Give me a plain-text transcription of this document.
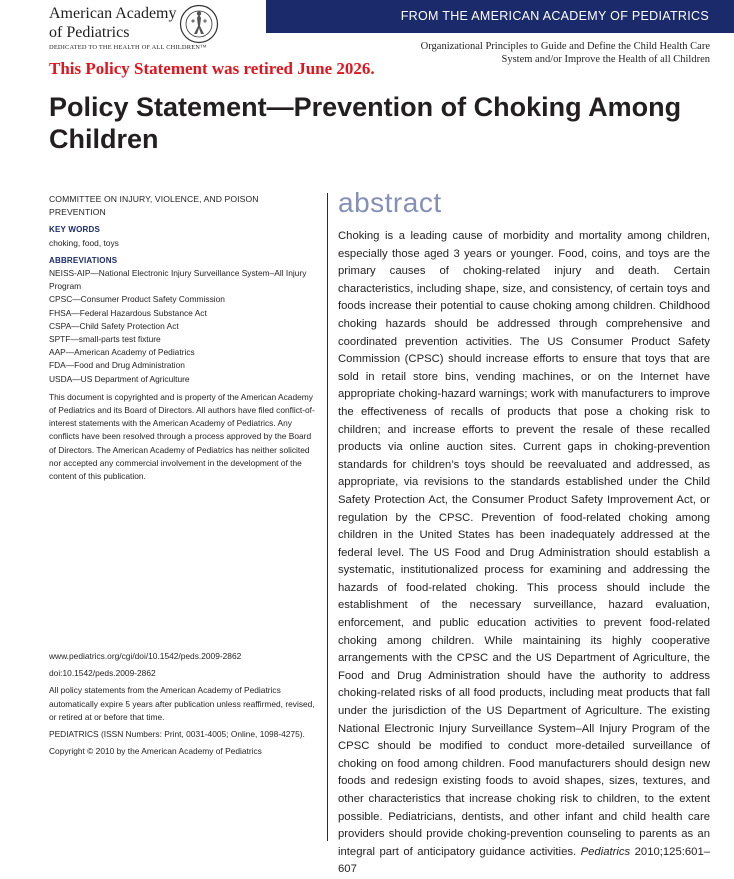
American Academy
of Pediatrics
DEDICATED TO THE HEALTH OF ALL CHILDREN™
FROM THE AMERICAN ACADEMY OF PEDIATRICS
Organizational Principles to Guide and Define the Child Health Care System and/or Improve the Health of all Children
This Policy Statement was retired June 2026.
Policy Statement—Prevention of Choking Among Children
COMMITTEE ON INJURY, VIOLENCE, AND POISON PREVENTION
KEY WORDS
choking, food, toys
ABBREVIATIONS
NEISS-AIP—National Electronic Injury Surveillance System–All Injury Program
CPSC—Consumer Product Safety Commission
FHSA—Federal Hazardous Substance Act
CSPA—Child Safety Protection Act
SPTF—small-parts test fixture
AAP—American Academy of Pediatrics
FDA—Food and Drug Administration
USDA—US Department of Agriculture
This document is copyrighted and is property of the American Academy of Pediatrics and its Board of Directors. All authors have filed conflict-of-interest statements with the American Academy of Pediatrics. Any conflicts have been resolved through a process approved by the Board of Directors. The American Academy of Pediatrics has neither solicited nor accepted any commercial involvement in the development of the content of this publication.

www.pediatrics.org/cgi/doi/10.1542/peds.2009-2862

doi:10.1542/peds.2009-2862

All policy statements from the American Academy of Pediatrics automatically expire 5 years after publication unless reaffirmed, revised, or retired at or before that time.

PEDIATRICS (ISSN Numbers: Print, 0031-4005; Online, 1098-4275).

Copyright © 2010 by the American Academy of Pediatrics

abstract
Choking is a leading cause of morbidity and mortality among children, especially those aged 3 years or younger. Food, coins, and toys are the primary causes of choking-related injury and death. Certain characteristics, including shape, size, and consistency, of certain toys and foods increase their potential to cause choking among children. Childhood choking hazards should be addressed through comprehensive and coordinated prevention activities. The US Consumer Product Safety Commission (CPSC) should increase efforts to ensure that toys that are sold in retail store bins, vending machines, or on the Internet have appropriate choking-hazard warnings; work with manufacturers to improve the effectiveness of recalls of products that pose a choking risk to children; and increase efforts to prevent the resale of these recalled products via online auction sites. Current gaps in choking-prevention standards for children’s toys should be reevaluated and addressed, as appropriate, via revisions to the standards established under the Child Safety Protection Act, the Consumer Product Safety Improvement Act, or regulation by the CPSC. Prevention of food-related choking among children in the United States has been inadequately addressed at the federal level. The US Food and Drug Administration should establish a systematic, institutionalized process for examining and addressing the hazards of food-related choking. This process should include the establishment of the necessary surveillance, hazard evaluation, enforcement, and public education activities to prevent food-related choking among children. While maintaining its highly cooperative arrangements with the CPSC and the US Department of Agriculture, the Food and Drug Administration should have the authority to address choking-related risks of all food products, including meat products that fall under the jurisdiction of the US Department of Agriculture. The existing National Electronic Injury Surveillance System–All Injury Program of the CPSC should be modified to conduct more-detailed surveillance of choking on food among children. Food manufacturers should design new foods and redesign existing foods to avoid shapes, sizes, textures, and other characteristics that increase choking risk to children, to the extent possible. Pediatricians, dentists, and other infant and child health care providers should provide choking-prevention counseling to parents as an integral part of anticipatory guidance activities. Pediatrics 2010;125:601–607
